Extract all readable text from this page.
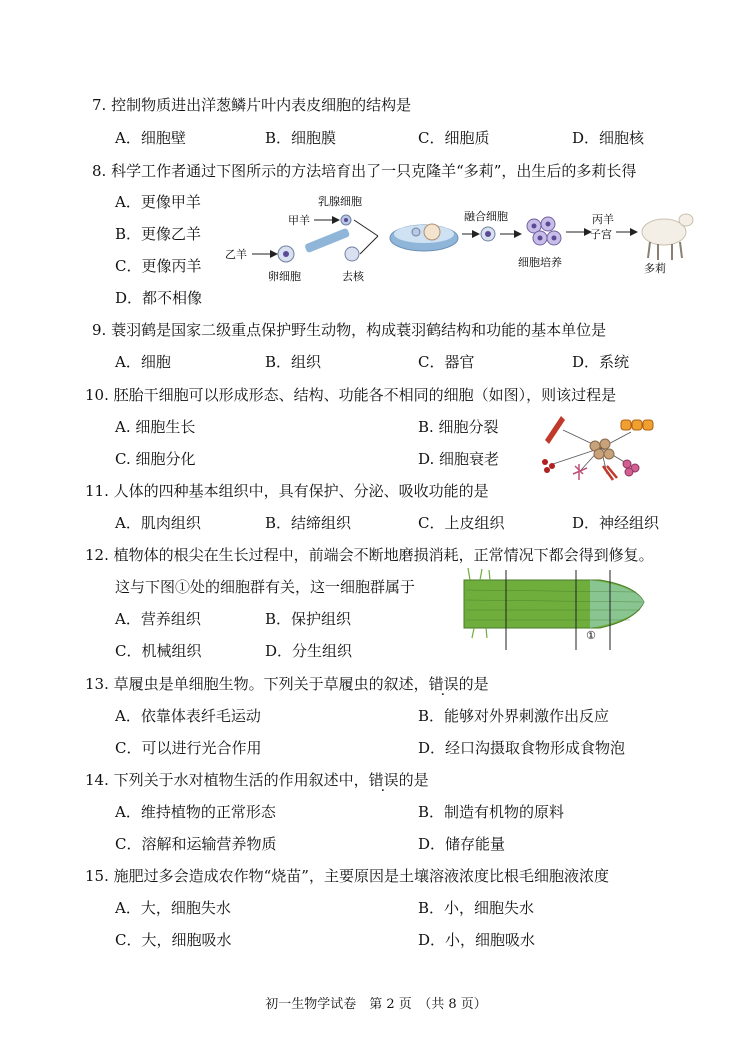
7. 控制物质进出洋葱鳞片叶内表皮细胞的结构是
A．细胞壁	B．细胞膜	C．细胞质	D．细胞核
8. 科学工作者通过下图所示的方法培育出了一只克隆羊“多莉”，出生后的多莉长得
A．更像甲羊
B．更像乙羊
C．更像丙羊
D．都不相像
甲羊
乳腺细胞
乙羊
卵细胞	去核
融合细胞
细胞培养
丙羊
子宫
多莉
9. 蓑羽鹤是国家二级重点保护野生动物，构成蓑羽鹤结构和功能的基本单位是
A．细胞	B．组织	C．器官	D．系统
10. 胚胎干细胞可以形成形态、结构、功能各不相同的细胞（如图），则该过程是
A. 细胞生长	B. 细胞分裂
C. 细胞分化	D. 细胞衰老
11. 人体的四种基本组织中，具有保护、分泌、吸收功能的是
A．肌肉组织	B．结缔组织	C．上皮组织	D．神经组织
12. 植物体的根尖在生长过程中，前端会不断地磨损消耗，正常情况下都会得到修复。
这与下图①处的细胞群有关，这一细胞群属于
A．营养组织	B．保护组织
C．机械组织	D．分生组织
①
13. 草履虫是单细胞生物。下列关于草履虫的叙述，错误的是
A．依靠体表纤毛运动	B．能够对外界刺激作出反应
C．可以进行光合作用	D．经口沟摄取食物形成食物泡
14. 下列关于水对植物生活的作用叙述中，错误的是
A．维持植物的正常形态	B．制造有机物的原料
C．溶解和运输营养物质	D．储存能量
15. 施肥过多会造成农作物“烧苗”，主要原因是土壤溶液浓度比根毛细胞液浓度
A．大，细胞失水	B．小，细胞失水
C．大，细胞吸水	D．小，细胞吸水
初一生物学试卷　第 2 页　（共 8 页）
